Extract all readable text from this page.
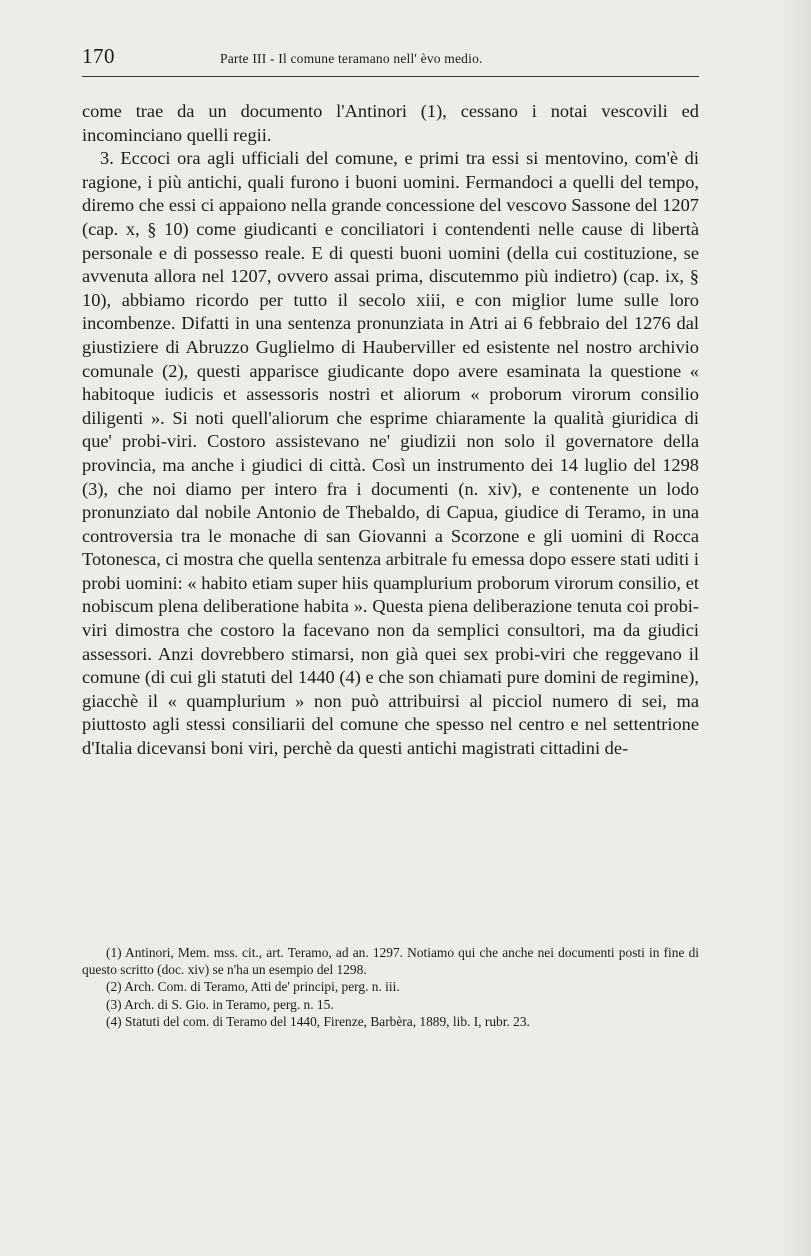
170	Parte III - Il comune teramano nell' èvo medio.

come trae da un documento l'Antinori (1), cessano i notai vescovili ed incominciano quelli regii.

3. Eccoci ora agli ufficiali del comune, e primi tra essi si mentovino, com'è di ragione, i più antichi, quali furono i buoni uomini. Fermandoci a quelli del tempo, diremo che essi ci appaiono nella grande concessione del vescovo Sassone del 1207 (cap. x, § 10) come giudicanti e conciliatori i contendenti nelle cause di libertà personale e di possesso reale. E di questi buoni uomini (della cui costituzione, se avvenuta allora nel 1207, ovvero assai prima, discutemmo più indietro) (cap. ix, § 10), abbiamo ricordo per tutto il secolo xiii, e con miglior lume sulle loro incombenze. Difatti in una sentenza pronunziata in Atri ai 6 febbraio del 1276 dal giustiziere di Abruzzo Guglielmo di Hauberviller ed esistente nel nostro archivio comunale (2), questi apparisce giudicante dopo avere esaminata la questione « habitoque iudicis et assessoris nostri et aliorum « proborum virorum consilio diligenti ». Si noti quell'aliorum che esprime chiaramente la qualità giuridica di que' probi-viri. Costoro assistevano ne' giudizii non solo il governatore della provincia, ma anche i giudici di città. Così un instrumento dei 14 luglio del 1298 (3), che noi diamo per intero fra i documenti (n. xiv), e contenente un lodo pronunziato dal nobile Antonio de Thebaldo, di Capua, giudice di Teramo, in una controversia tra le monache di san Giovanni a Scorzone e gli uomini di Rocca Totonesca, ci mostra che quella sentenza arbitrale fu emessa dopo essere stati uditi i probi uomini: « habito etiam super hiis quamplurium proborum virorum consilio, et nobiscum plena deliberatione habita ». Questa piena deliberazione tenuta coi probi-viri dimostra che costoro la facevano non da semplici consultori, ma da giudici assessori. Anzi dovrebbero stimarsi, non già quei sex probi-viri che reggevano il comune (di cui gli statuti del 1440 (4) e che son chiamati pure domini de regimine), giacchè il « quamplurium » non può attribuirsi al picciol numero di sei, ma piuttosto agli stessi consiliarii del comune che spesso nel centro e nel settentrione d'Italia dicevansi boni viri, perchè da questi antichi magistrati cittadini de-

(1) Antinori, Mem. mss. cit., art. Teramo, ad an. 1297. Notiamo qui che anche nei documenti posti in fine di questo scritto (doc. xiv) se n'ha un esempio del 1298.

(2) Arch. Com. di Teramo, Atti de' principi, perg. n. iii.

(3) Arch. di S. Gio. in Teramo, perg. n. 15.

(4) Statuti del com. di Teramo del 1440, Firenze, Barbèra, 1889, lib. I, rubr. 23.
